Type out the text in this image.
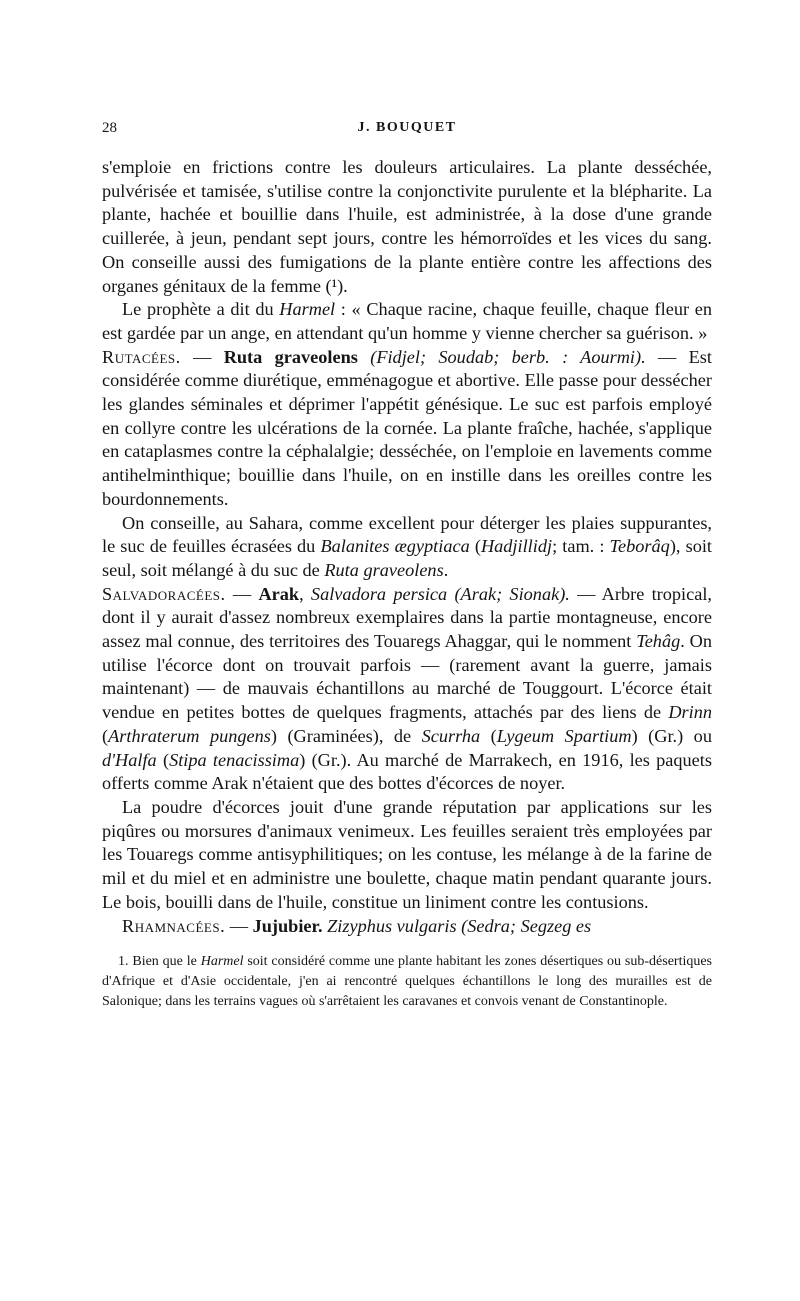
28	J. BOUQUET

s'emploie en frictions contre les douleurs articulaires. La plante desséchée, pulvérisée et tamisée, s'utilise contre la conjonctivite purulente et la blépharite. La plante, hachée et bouillie dans l'huile, est administrée, à la dose d'une grande cuillerée, à jeun, pendant sept jours, contre les hémorroïdes et les vices du sang. On conseille aussi des fumigations de la plante entière contre les affections des organes génitaux de la femme (¹).

Le prophète a dit du Harmel : « Chaque racine, chaque feuille, chaque fleur en est gardée par un ange, en attendant qu'un homme y vienne chercher sa guérison. »

Rutacées. — Ruta graveolens (Fidjel; Soudab; berb. : Aourmi). — Est considérée comme diurétique, emménagogue et abortive. Elle passe pour dessécher les glandes séminales et déprimer l'appétit génésique. Le suc est parfois employé en collyre contre les ulcérations de la cornée. La plante fraîche, hachée, s'applique en cataplasmes contre la céphalalgie; desséchée, on l'emploie en lavements comme antihelminthique; bouillie dans l'huile, on en instille dans les oreilles contre les bourdonnements.

On conseille, au Sahara, comme excellent pour déterger les plaies suppurantes, le suc de feuilles écrasées du Balanites ægyptiaca (Hadjillidj; tam. : Teborâq), soit seul, soit mélangé à du suc de Ruta graveolens.

Salvadoracées. — Arak, Salvadora persica (Arak; Sionak). — Arbre tropical, dont il y aurait d'assez nombreux exemplaires dans la partie montagneuse, encore assez mal connue, des territoires des Touaregs Ahaggar, qui le nomment Tehâg. On utilise l'écorce dont on trouvait parfois — (rarement avant la guerre, jamais maintenant) — de mauvais échantillons au marché de Touggourt. L'écorce était vendue en petites bottes de quelques fragments, attachés par des liens de Drinn (Arthraterum pungens) (Graminées), de Scurrha (Lygeum Spartium) (Gr.) ou d'Halfa (Stipa tenacissima) (Gr.). Au marché de Marrakech, en 1916, les paquets offerts comme Arak n'étaient que des bottes d'écorces de noyer.

La poudre d'écorces jouit d'une grande réputation par applications sur les piqûres ou morsures d'animaux venimeux. Les feuilles seraient très employées par les Touaregs comme antisyphilitiques; on les contuse, les mélange à de la farine de mil et du miel et en administre une boulette, chaque matin pendant quarante jours. Le bois, bouilli dans de l'huile, constitue un liniment contre les contusions.

Rhamnacées. — Jujubier. Zizyphus vulgaris (Sedra; Segzeg es

1. Bien que le Harmel soit considéré comme une plante habitant les zones désertiques ou sub-désertiques d'Afrique et d'Asie occidentale, j'en ai rencontré quelques échantillons le long des murailles est de Salonique; dans les terrains vagues où s'arrêtaient les caravanes et convois venant de Constantinople.
